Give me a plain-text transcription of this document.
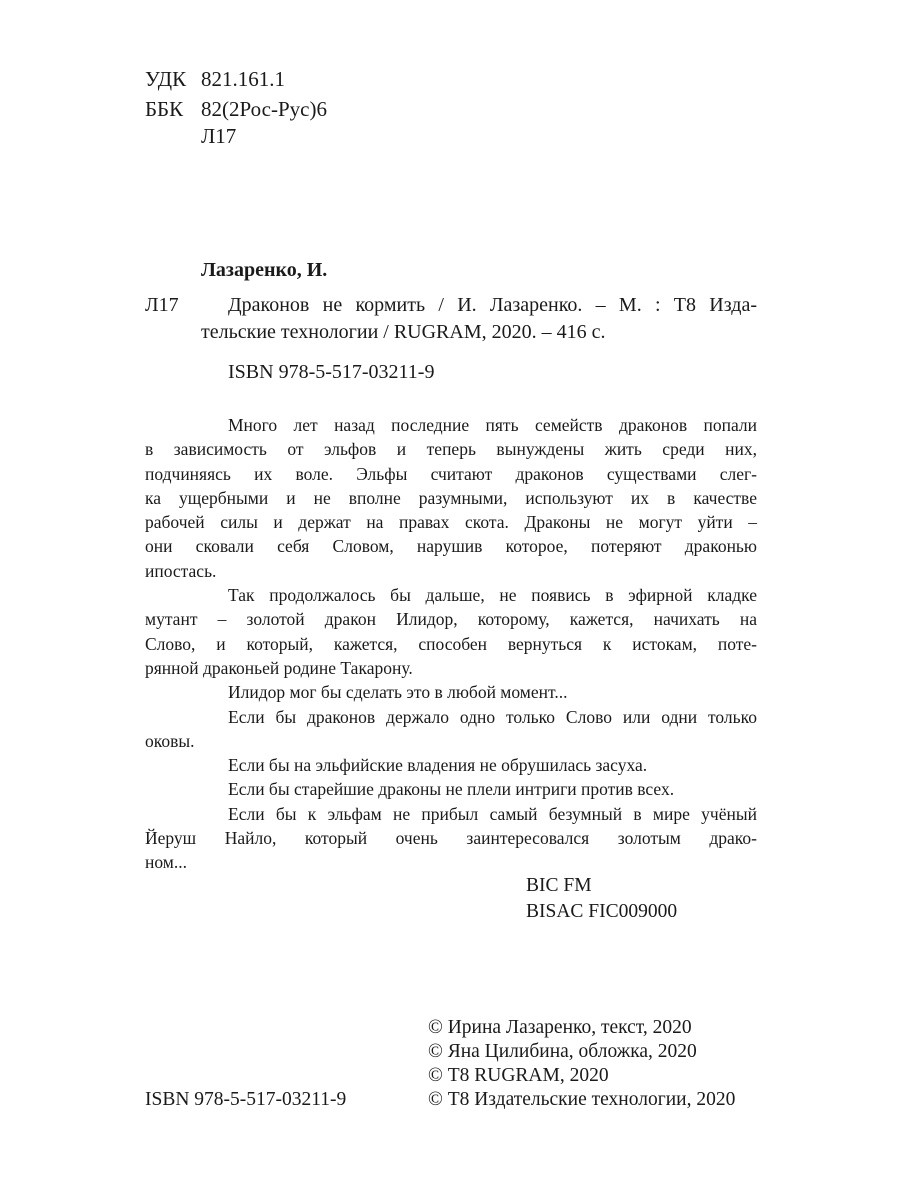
УДК 821.161.1
ББК 82(2Рос-Рус)6
Л17
Лазаренко, И.
Л17 Драконов не кормить / И. Лазаренко. – М. : Т8 Изда-
тельские технологии / RUGRAM, 2020. – 416 с.
ISBN 978-5-517-03211-9
Много лет назад последние пять семейств драконов попали
в зависимость от эльфов и теперь вынуждены жить среди них,
подчиняясь их воле. Эльфы считают драконов существами слег-
ка ущербными и не вполне разумными, используют их в качестве
рабочей силы и держат на правах скота. Драконы не могут уйти –
они сковали себя Словом, нарушив которое, потеряют драконью
ипостась.
Так продолжалось бы дальше, не появись в эфирной кладке
мутант – золотой дракон Илидор, которому, кажется, начихать на
Слово, и который, кажется, способен вернуться к истокам, поте-
рянной драконьей родине Такарону.
Илидор мог бы сделать это в любой момент...
Если бы драконов держало одно только Слово или одни только
оковы.
Если бы на эльфийские владения не обрушилась засуха.
Если бы старейшие драконы не плели интриги против всех.
Если бы к эльфам не прибыл самый безумный в мире учёный
Йеруш Найло, который очень заинтересовался золотым драко-
ном...
BIC FM
BISAC FIC009000
ISBN 978-5-517-03211-9
© Ирина Лазаренко, текст, 2020
© Яна Цилибина, обложка, 2020
© Т8 RUGRAM, 2020
© Т8 Издательские технологии, 2020
